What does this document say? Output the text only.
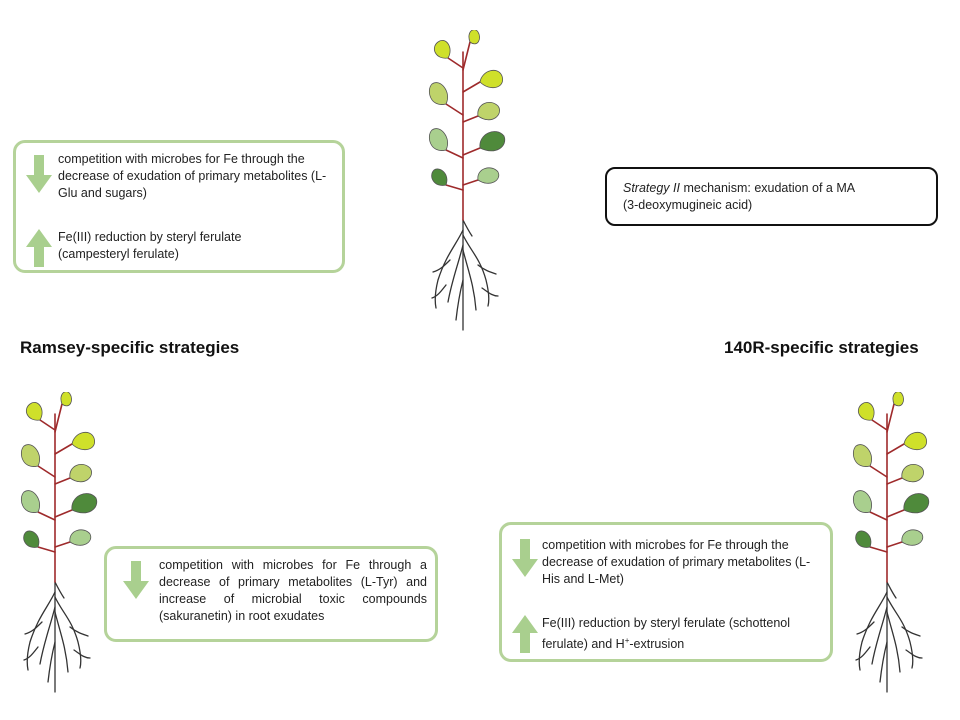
competition with microbes for Fe through the decrease of exudation of primary metabolites (L-Glu and sugars)
Fe(III) reduction by steryl ferulate (campesteryl ferulate)
Strategy II mechanism: exudation of a MA
(3-deoxymugineic acid)
Ramsey-specific strategies	140R-specific strategies
competition with microbes for Fe through a decrease of primary metabolites (L-Tyr) and increase of microbial toxic compounds (sakuranetin) in root exudates
competition with microbes for Fe through the decrease of exudation of primary metabolites (L-His and L-Met)
Fe(III) reduction by steryl ferulate (schottenol ferulate) and H+-extrusion
